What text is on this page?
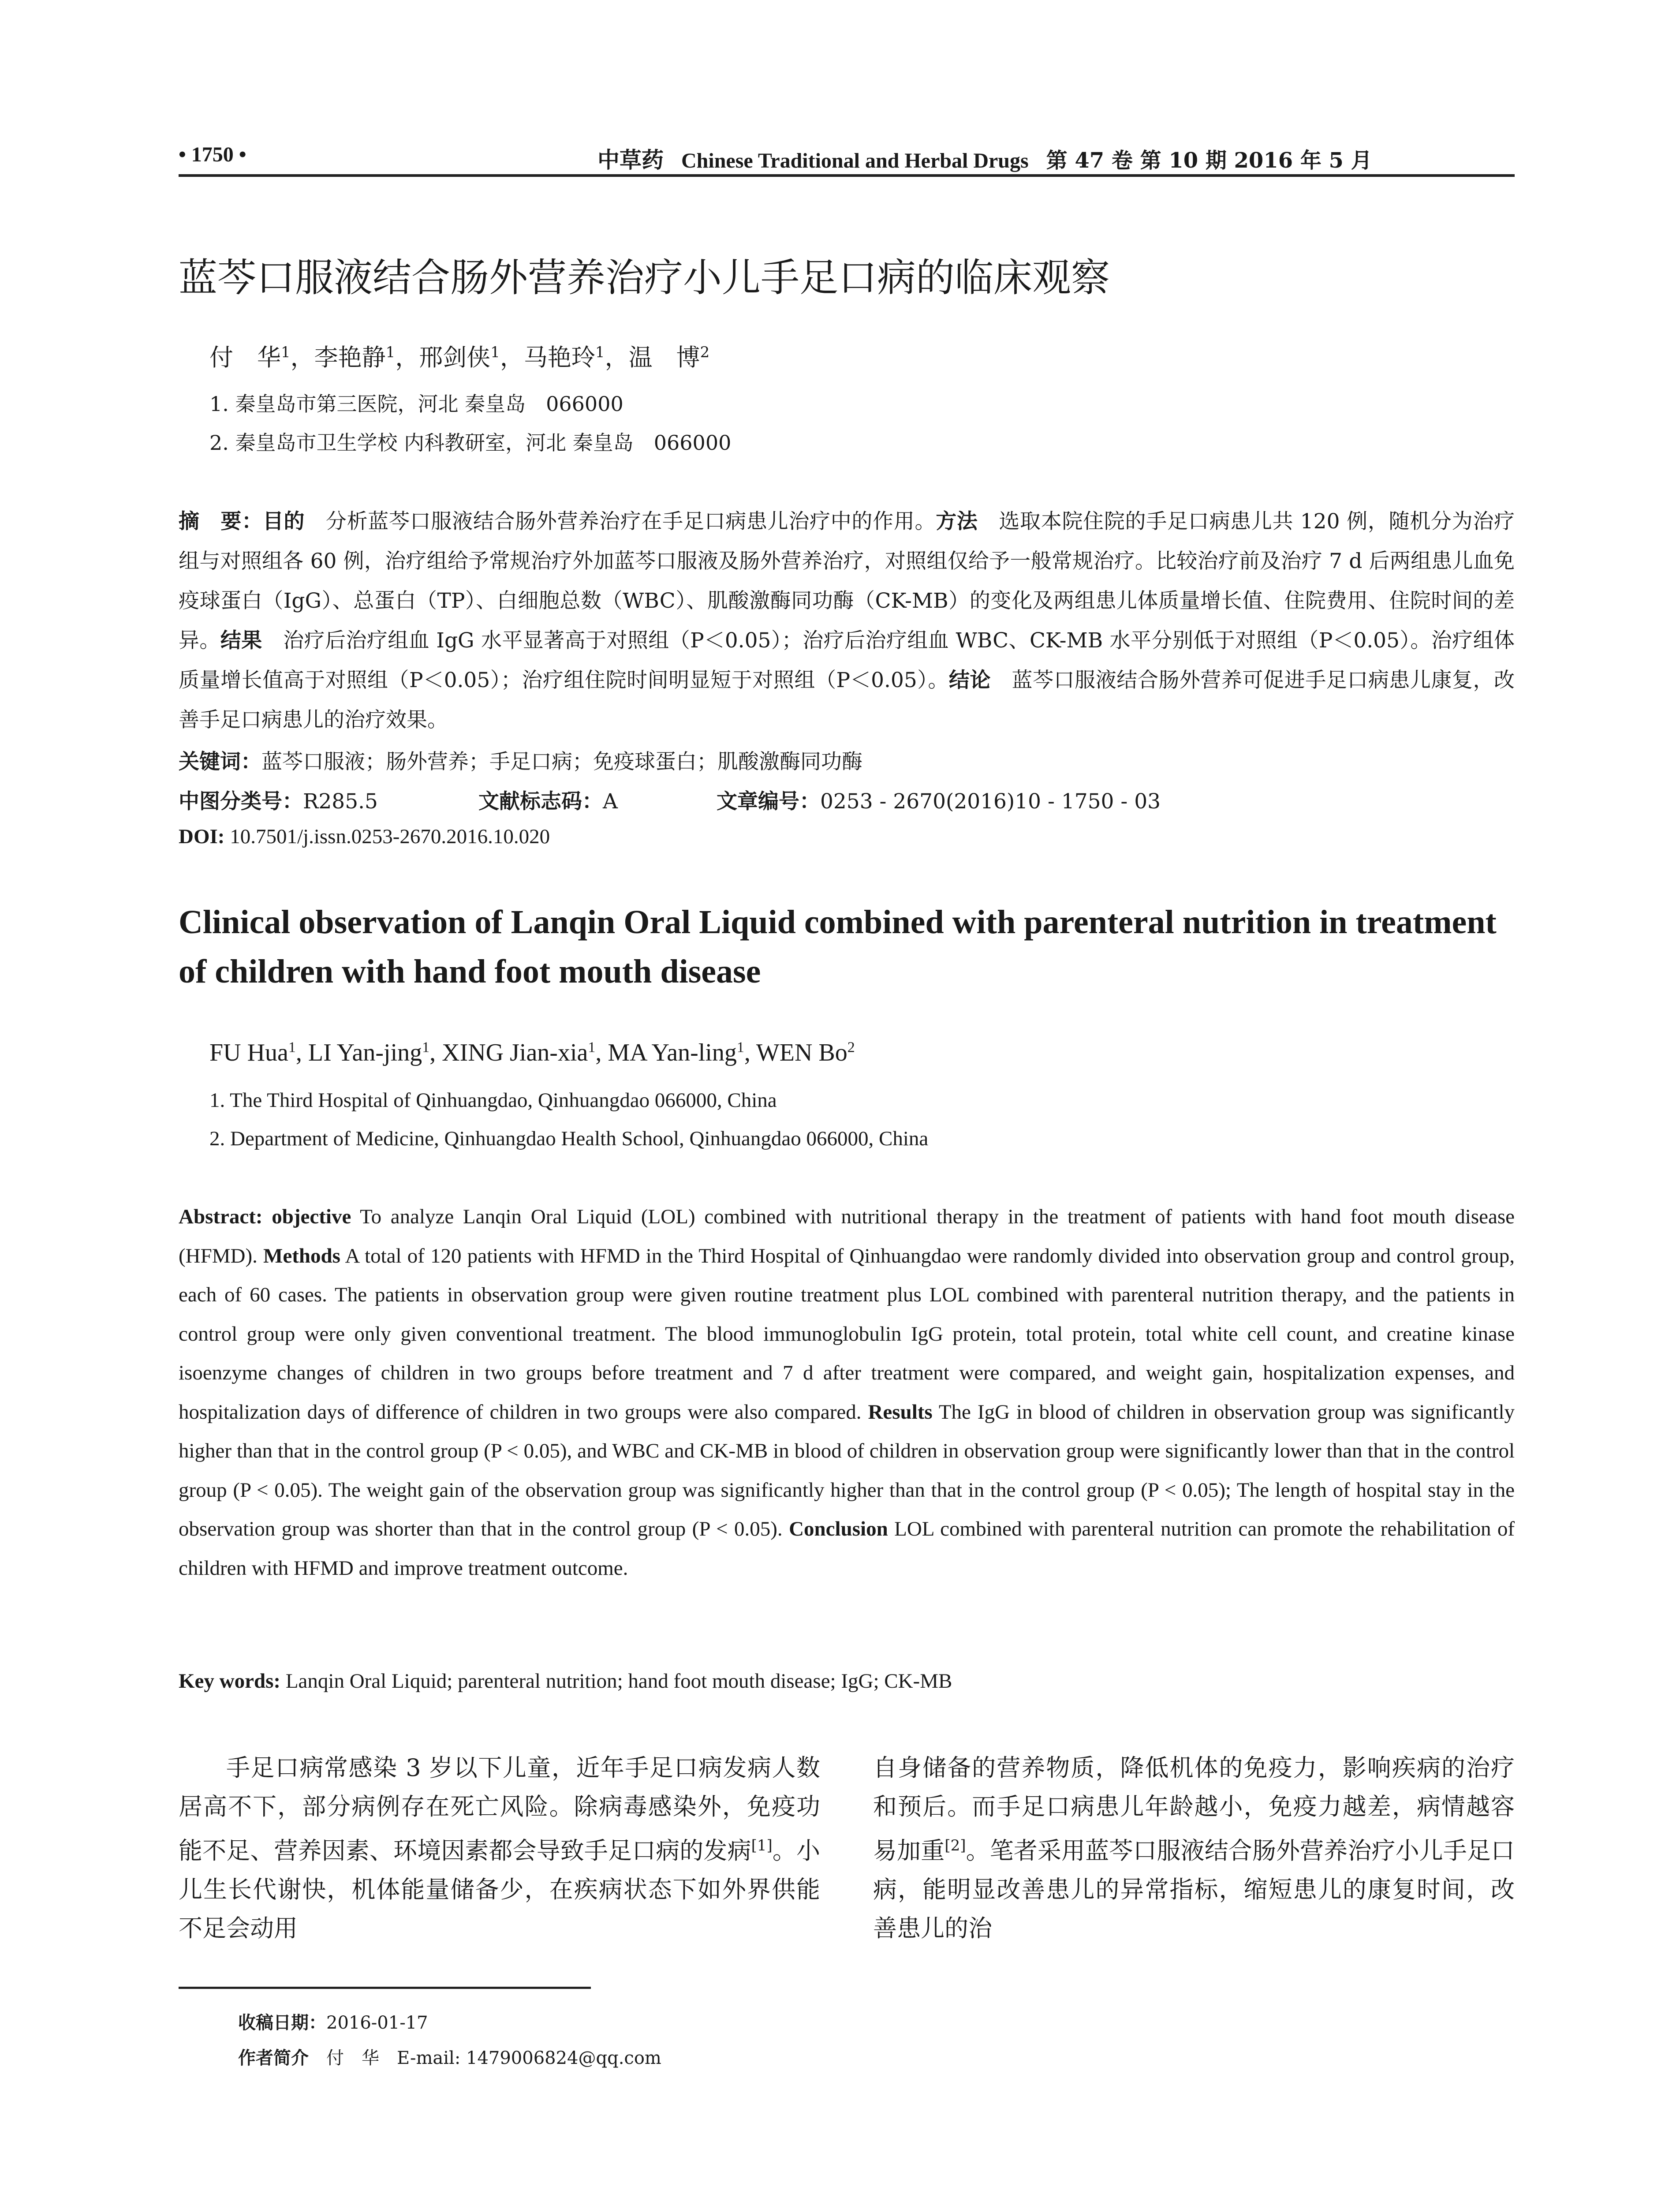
• 1750 •	中草药 Chinese Traditional and Herbal Drugs 第 47 卷 第 10 期 2016 年 5 月
蓝芩口服液结合肠外营养治疗小儿手足口病的临床观察
付　华$^1$，李艳静$^1$，邢剑侠$^1$，马艳玲$^1$，温　博$^2$
1. 秦皇岛市第三医院，河北 秦皇岛　066000
2. 秦皇岛市卫生学校 内科教研室，河北 秦皇岛　066000
摘　要：目的　分析蓝芩口服液结合肠外营养治疗在手足口病患儿治疗中的作用。方法　选取本院住院的手足口病患儿共 120 例，随机分为治疗组与对照组各 60 例，治疗组给予常规治疗外加蓝芩口服液及肠外营养治疗，对照组仅给予一般常规治疗。比较治疗前及治疗 7 d 后两组患儿血免疫球蛋白（IgG）、总蛋白（TP）、白细胞总数（WBC）、肌酸激酶同功酶（CK-MB）的变化及两组患儿体质量增长值、住院费用、住院时间的差异。结果　治疗后治疗组血 IgG 水平显著高于对照组（P＜0.05）；治疗后治疗组血 WBC、CK-MB 水平分别低于对照组（P＜0.05）。治疗组体质量增长值高于对照组（P＜0.05）；治疗组住院时间明显短于对照组（P＜0.05）。结论　蓝芩口服液结合肠外营养可促进手足口病患儿康复，改善手足口病患儿的治疗效果。
关键词：蓝芩口服液；肠外营养；手足口病；免疫球蛋白；肌酸激酶同功酶
中图分类号：R285.5	文献标志码：A	文章编号：0253 - 2670(2016)10 - 1750 - 03
DOI: 10.7501/j.issn.0253-2670.2016.10.020
Clinical observation of Lanqin Oral Liquid combined with parenteral nutrition in treatment of children with hand foot mouth disease
FU Hua$^1$, LI Yan-jing$^1$, XING Jian-xia$^1$, MA Yan-ling$^1$, WEN Bo$^2$
1. The Third Hospital of Qinhuangdao, Qinhuangdao 066000, China
2. Department of Medicine, Qinhuangdao Health School, Qinhuangdao 066000, China
Abstract: objective To analyze Lanqin Oral Liquid (LOL) combined with nutritional therapy in the treatment of patients with hand foot mouth disease (HFMD). Methods A total of 120 patients with HFMD in the Third Hospital of Qinhuangdao were randomly divided into observation group and control group, each of 60 cases. The patients in observation group were given routine treatment plus LOL combined with parenteral nutrition therapy, and the patients in control group were only given conventional treatment. The blood immunoglobulin IgG protein, total protein, total white cell count, and creatine kinase isoenzyme changes of children in two groups before treatment and 7 d after treatment were compared, and weight gain, hospitalization expenses, and hospitalization days of difference of children in two groups were also compared. Results The IgG in blood of children in observation group was significantly higher than that in the control group (P < 0.05), and WBC and CK-MB in blood of children in observation group were significantly lower than that in the control group (P < 0.05). The weight gain of the observation group was significantly higher than that in the control group (P < 0.05); The length of hospital stay in the observation group was shorter than that in the control group (P < 0.05). Conclusion LOL combined with parenteral nutrition can promote the rehabilitation of children with HFMD and improve treatment outcome.
Key words: Lanqin Oral Liquid; parenteral nutrition; hand foot mouth disease; IgG; CK-MB

手足口病常感染 3 岁以下儿童，近年手足口病发病人数居高不下，部分病例存在死亡风险。除病毒感染外，免疫功能不足、营养因素、环境因素都会导致手足口病的发病[1]。小儿生长代谢快，机体能量储备少，在疾病状态下如外界供能不足会动用

自身储备的营养物质，降低机体的免疫力，影响疾病的治疗和预后。而手足口病患儿年龄越小，免疫力越差，病情越容易加重[2]。笔者采用蓝芩口服液结合肠外营养治疗小儿手足口病，能明显改善患儿的异常指标，缩短患儿的康复时间，改善患儿的治

收稿日期：2016-01-17
作者简介　付　华　E-mail: 1479006824@qq.com
